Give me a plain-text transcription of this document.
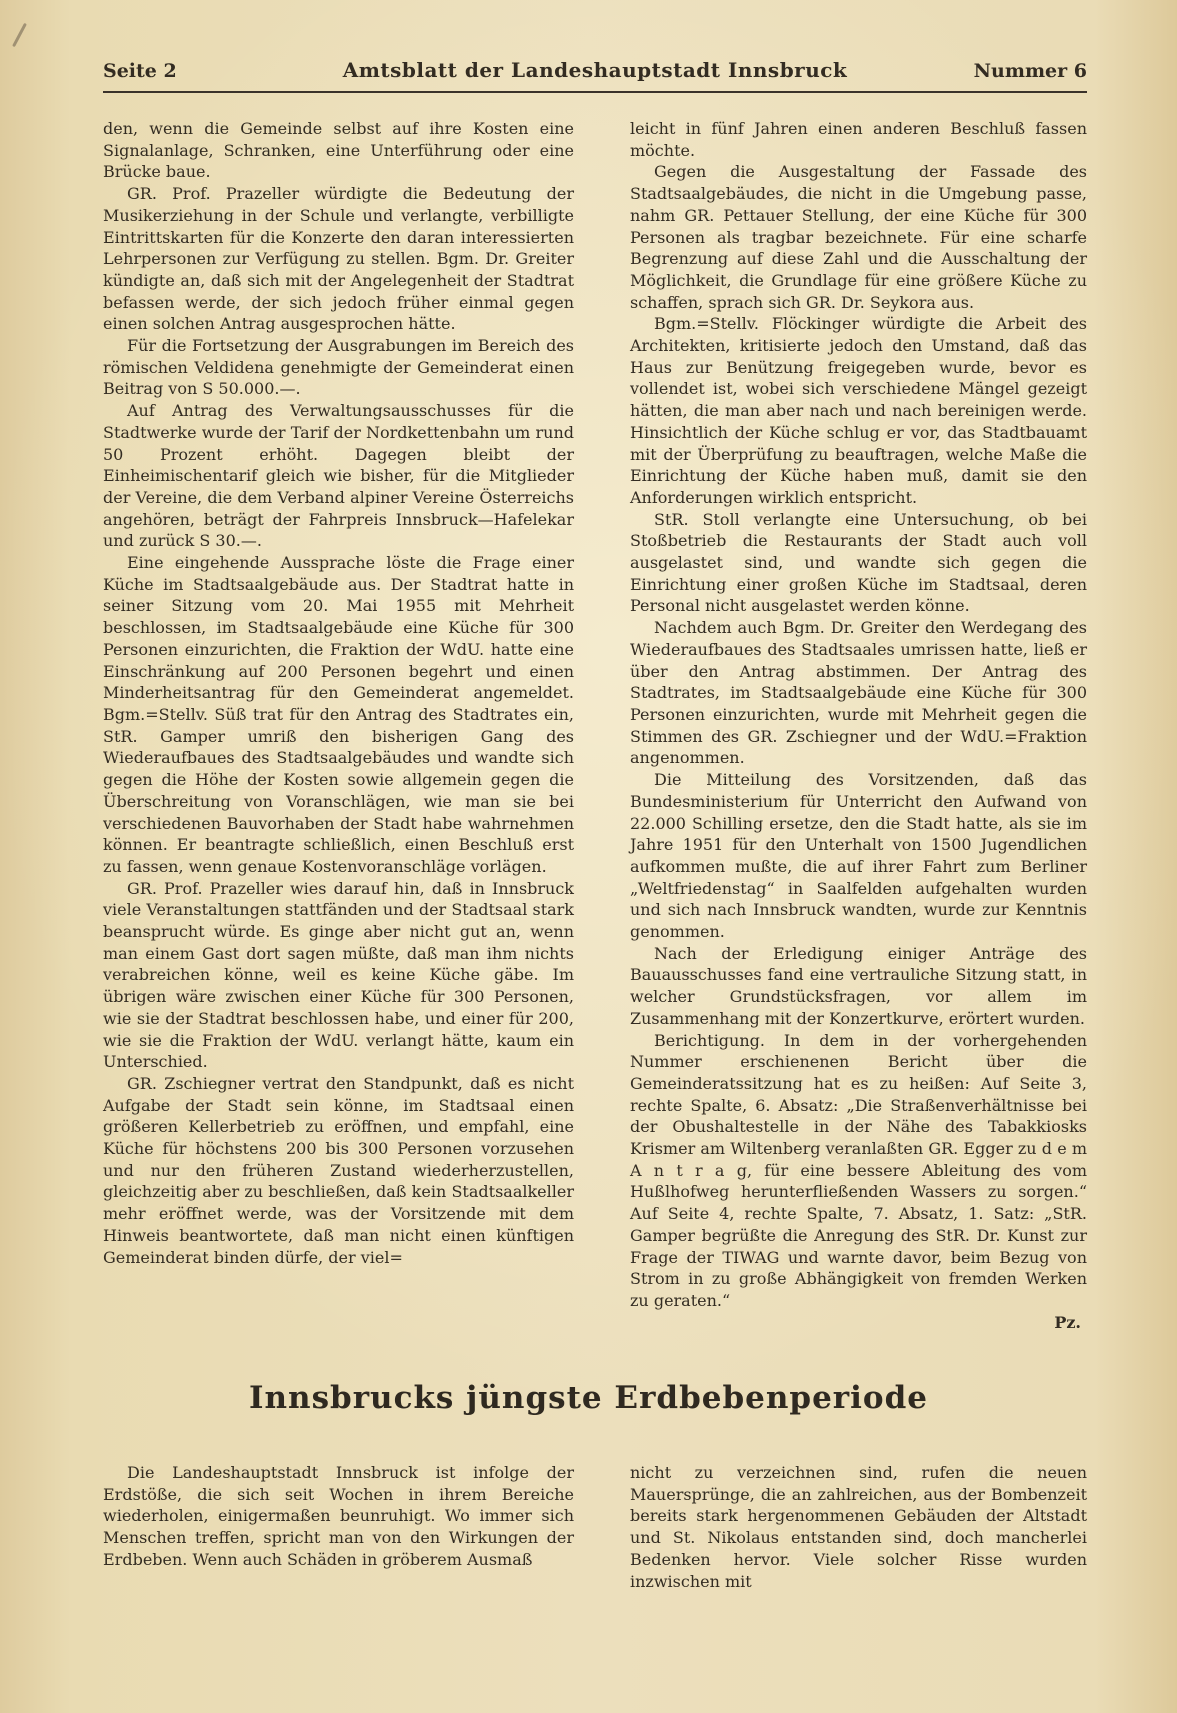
Seite 2	Amtsblatt der Landeshauptstadt Innsbruck	Nummer 6

den, wenn die Gemeinde selbst auf ihre Kosten eine Signalanlage, Schranken, eine Unterführung oder eine Brücke baue.

GR. Prof. Prazeller würdigte die Bedeutung der Musikerziehung in der Schule und verlangte, verbilligte Eintrittskarten für die Konzerte den daran interessierten Lehrpersonen zur Verfügung zu stellen. Bgm. Dr. Greiter kündigte an, daß sich mit der Angelegenheit der Stadtrat befassen werde, der sich jedoch früher einmal gegen einen solchen Antrag ausgesprochen hätte.

Für die Fortsetzung der Ausgrabungen im Bereich des römischen Veldidena genehmigte der Gemeinderat einen Beitrag von S 50.000.—.

Auf Antrag des Verwaltungsausschusses für die Stadtwerke wurde der Tarif der Nordkettenbahn um rund 50 Prozent erhöht. Dagegen bleibt der Einheimischentarif gleich wie bisher, für die Mitglieder der Vereine, die dem Verband alpiner Vereine Österreichs angehören, beträgt der Fahrpreis Innsbruck—Hafelekar und zurück S 30.—.

Eine eingehende Aussprache löste die Frage einer Küche im Stadtsaalgebäude aus. Der Stadtrat hatte in seiner Sitzung vom 20. Mai 1955 mit Mehrheit beschlossen, im Stadtsaalgebäude eine Küche für 300 Personen einzurichten, die Fraktion der WdU. hatte eine Einschränkung auf 200 Personen begehrt und einen Minderheitsantrag für den Gemeinderat angemeldet. Bgm.=Stellv. Süß trat für den Antrag des Stadtrates ein, StR. Gamper umriß den bisherigen Gang des Wiederaufbaues des Stadtsaalgebäudes und wandte sich gegen die Höhe der Kosten sowie allgemein gegen die Überschreitung von Voranschlägen, wie man sie bei verschiedenen Bauvorhaben der Stadt habe wahrnehmen können. Er beantragte schließlich, einen Beschluß erst zu fassen, wenn genaue Kostenvoranschläge vorlägen.

GR. Prof. Prazeller wies darauf hin, daß in Innsbruck viele Veranstaltungen stattfänden und der Stadtsaal stark beansprucht würde. Es ginge aber nicht gut an, wenn man einem Gast dort sagen müßte, daß man ihm nichts verabreichen könne, weil es keine Küche gäbe. Im übrigen wäre zwischen einer Küche für 300 Personen, wie sie der Stadtrat beschlossen habe, und einer für 200, wie sie die Fraktion der WdU. verlangt hätte, kaum ein Unterschied.

GR. Zschiegner vertrat den Standpunkt, daß es nicht Aufgabe der Stadt sein könne, im Stadtsaal einen größeren Kellerbetrieb zu eröffnen, und empfahl, eine Küche für höchstens 200 bis 300 Personen vorzusehen und nur den früheren Zustand wiederherzustellen, gleichzeitig aber zu beschließen, daß kein Stadtsaalkeller mehr eröffnet werde, was der Vorsitzende mit dem Hinweis beantwortete, daß man nicht einen künftigen Gemeinderat binden dürfe, der viel=

leicht in fünf Jahren einen anderen Beschluß fassen möchte.

Gegen die Ausgestaltung der Fassade des Stadtsaalgebäudes, die nicht in die Umgebung passe, nahm GR. Pettauer Stellung, der eine Küche für 300 Personen als tragbar bezeichnete. Für eine scharfe Begrenzung auf diese Zahl und die Ausschaltung der Möglichkeit, die Grundlage für eine größere Küche zu schaffen, sprach sich GR. Dr. Seykora aus.

Bgm.=Stellv. Flöckinger würdigte die Arbeit des Architekten, kritisierte jedoch den Umstand, daß das Haus zur Benützung freigegeben wurde, bevor es vollendet ist, wobei sich verschiedene Mängel gezeigt hätten, die man aber nach und nach bereinigen werde. Hinsichtlich der Küche schlug er vor, das Stadtbauamt mit der Überprüfung zu beauftragen, welche Maße die Einrichtung der Küche haben muß, damit sie den Anforderungen wirklich entspricht.

StR. Stoll verlangte eine Untersuchung, ob bei Stoßbetrieb die Restaurants der Stadt auch voll ausgelastet sind, und wandte sich gegen die Einrichtung einer großen Küche im Stadtsaal, deren Personal nicht ausgelastet werden könne.

Nachdem auch Bgm. Dr. Greiter den Werdegang des Wiederaufbaues des Stadtsaales umrissen hatte, ließ er über den Antrag abstimmen. Der Antrag des Stadtrates, im Stadtsaalgebäude eine Küche für 300 Personen einzurichten, wurde mit Mehrheit gegen die Stimmen des GR. Zschiegner und der WdU.=Fraktion angenommen.

Die Mitteilung des Vorsitzenden, daß das Bundesministerium für Unterricht den Aufwand von 22.000 Schilling ersetze, den die Stadt hatte, als sie im Jahre 1951 für den Unterhalt von 1500 Jugendlichen aufkommen mußte, die auf ihrer Fahrt zum Berliner „Weltfriedenstag“ in Saalfelden aufgehalten wurden und sich nach Innsbruck wandten, wurde zur Kenntnis genommen.

Nach der Erledigung einiger Anträge des Bauausschusses fand eine vertrauliche Sitzung statt, in welcher Grundstücksfragen, vor allem im Zusammenhang mit der Konzertkurve, erörtert wurden.

Berichtigung. In dem in der vorhergehenden Nummer erschienenen Bericht über die Gemeinderatssitzung hat es zu heißen: Auf Seite 3, rechte Spalte, 6. Absatz: „Die Straßenverhältnisse bei der Obushaltestelle in der Nähe des Tabakkiosks Krismer am Wiltenberg veranlaßten GR. Egger zu d e m A n t r a g, für eine bessere Ableitung des vom Hußlhofweg herunterfließenden Wassers zu sorgen.“ Auf Seite 4, rechte Spalte, 7. Absatz, 1. Satz: „StR. Gamper begrüßte die Anregung des StR. Dr. Kunst zur Frage der TIWAG und warnte davor, beim Bezug von Strom in zu große Abhängigkeit von fremden Werken zu geraten.“

Pz.

Innsbrucks jüngste Erdbebenperiode

Die Landeshauptstadt Innsbruck ist infolge der Erdstöße, die sich seit Wochen in ihrem Bereiche wiederholen, einigermaßen beunruhigt. Wo immer sich Menschen treffen, spricht man von den Wirkungen der Erdbeben. Wenn auch Schäden in gröberem Ausmaß

nicht zu verzeichnen sind, rufen die neuen Mauersprünge, die an zahlreichen, aus der Bombenzeit bereits stark hergenommenen Gebäuden der Altstadt und St. Nikolaus entstanden sind, doch mancherlei Bedenken hervor. Viele solcher Risse wurden inzwischen mit
